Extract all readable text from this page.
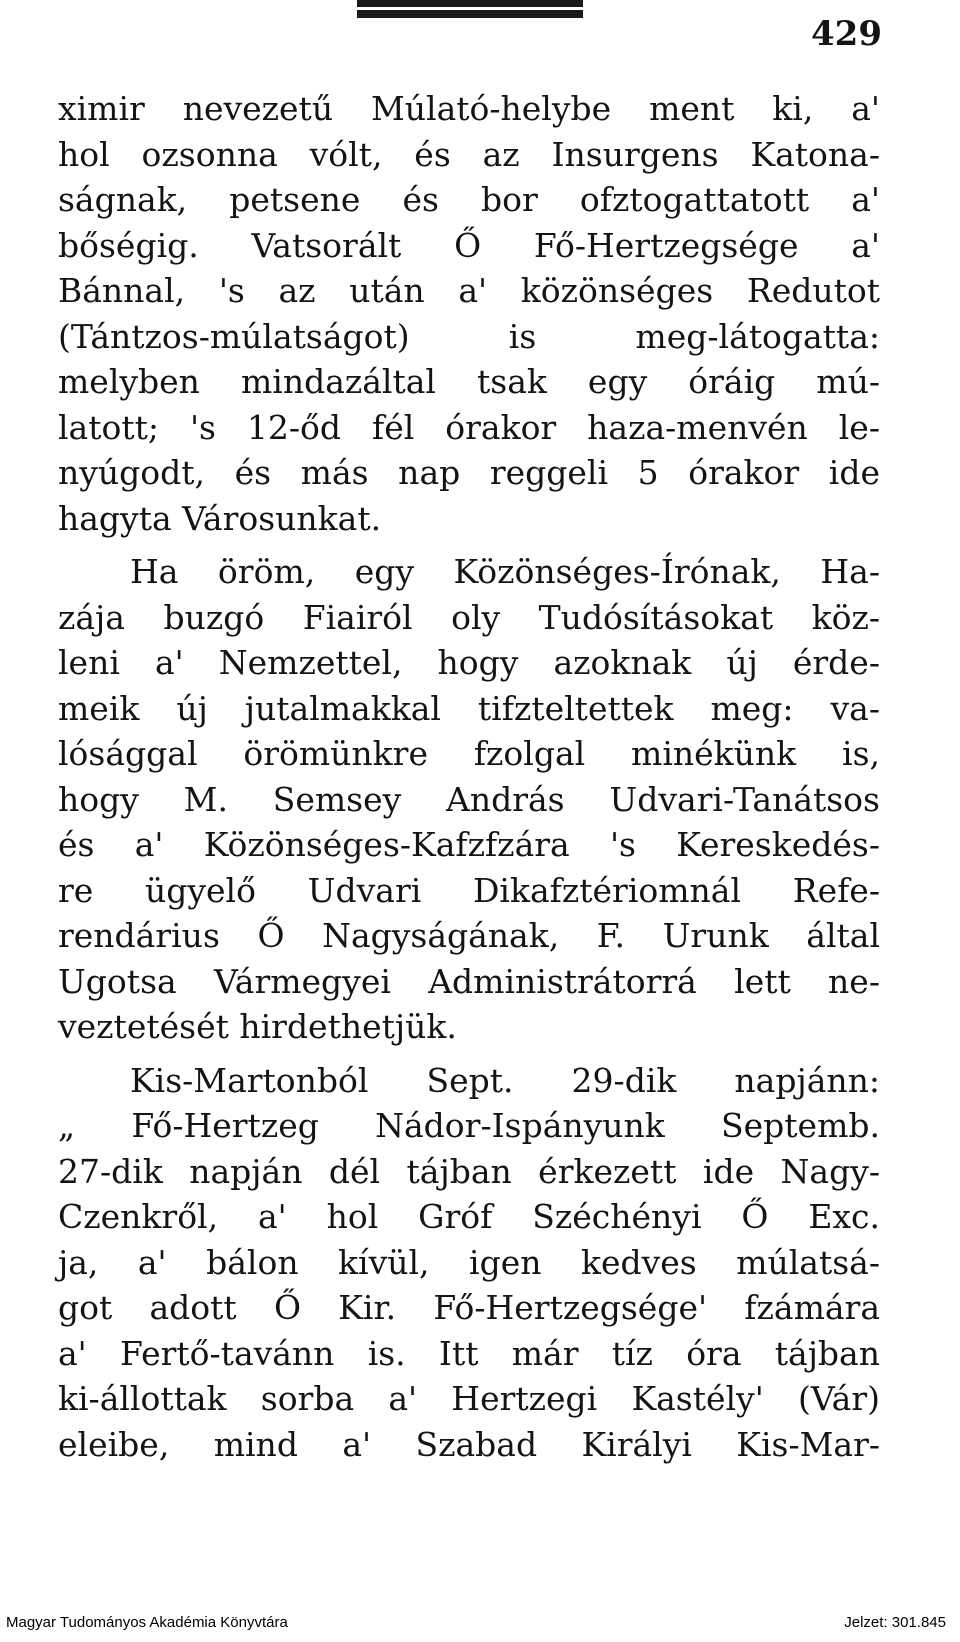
429
ximir nevezetű Múlató-helybe ment ki, a'
hol ozsonna vólt, és az Insurgens Katona-
ságnak, petsene és bor ofztogattatott a'
bőségig. Vatsorált Ő Fő-Hertzegsége a'
Bánnal, 's az után a' közönséges Redutot
(Tántzos-múlatságot) is meg-látogatta:
melyben mindazáltal tsak egy óráig mú-
latott; 's 12-őd fél órakor haza-menvén le-
nyúgodt, és más nap reggeli 5 órakor ide
hagyta Városunkat.
Ha öröm, egy Közönséges-Írónak, Ha-
zája buzgó Fiairól oly Tudósításokat köz-
leni a' Nemzettel, hogy azoknak új érde-
meik új jutalmakkal tifzteltettek meg: va-
lósággal örömünkre fzolgal minékünk is,
hogy M. Semsey András Udvari-Tanátsos
és a' Közönséges-Kafzfzára 's Kereskedés-
re ügyelő Udvari Dikafztériomnál Refe-
rendárius Ő Nagyságának, F. Urunk által
Ugotsa Vármegyei Administrátorrá lett ne-
veztetését hirdethetjük.
Kis-Martonból Sept. 29-dik napjánn:
„ Fő-Hertzeg Nádor-Ispányunk Septemb.
27-dik napján dél tájban érkezett ide Nagy-
Czenkről, a' hol Gróf Széchényi Ő Exc.
ja, a' bálon kívül, igen kedves múlatsá-
got adott Ő Kir. Fő-Hertzegsége' fzámára
a' Fertő-tavánn is. Itt már tíz óra tájban
ki-állottak sorba a' Hertzegi Kastély' (Vár)
eleibe, mind a' Szabad Királyi Kis-Mar-
Magyar Tudományos Akadémia Könyvtára	Jelzet: 301.845
